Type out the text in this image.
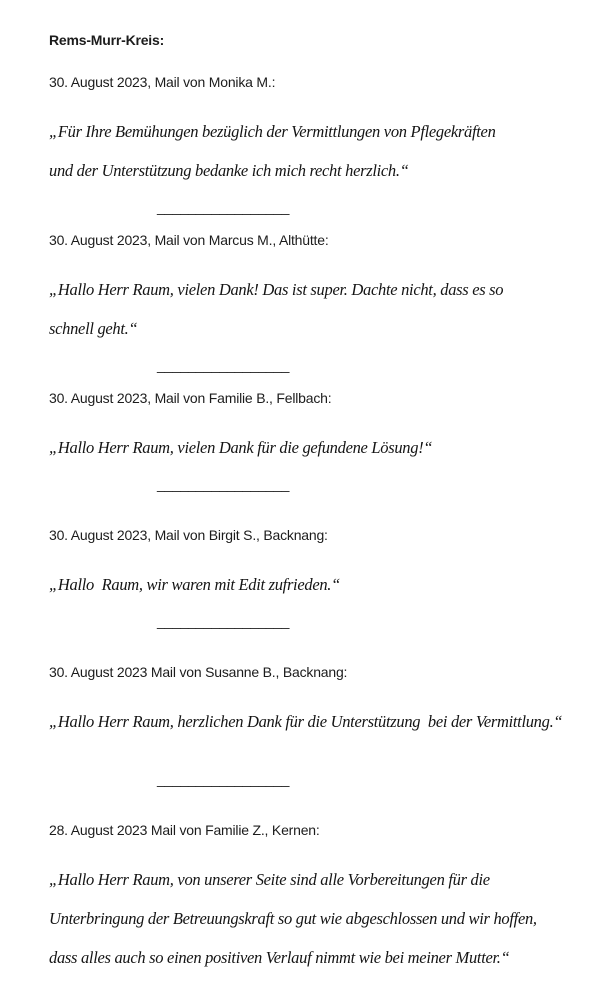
Rems-Murr-Kreis:
30. August 2023, Mail von Monika M.:
„Für Ihre Bemühungen bezüglich der Vermittlungen von Pflegekräften
und der Unterstützung bedanke ich mich recht herzlich.“
_________________
30. August 2023, Mail von Marcus M., Althütte:
„Hallo Herr Raum, vielen Dank! Das ist super. Dachte nicht, dass es so
schnell geht.“
_________________
30. August 2023, Mail von Familie B., Fellbach:
„Hallo Herr Raum, vielen Dank für die gefundene Lösung!“
_________________
30. August 2023, Mail von Birgit S., Backnang:
„Hallo  Raum, wir waren mit Edit zufrieden.“
_________________
30. August 2023 Mail von Susanne B., Backnang:
„Hallo Herr Raum, herzlichen Dank für die Unterstützung  bei der Vermittlung.“
_________________
28. August 2023 Mail von Familie Z., Kernen:
„Hallo Herr Raum, von unserer Seite sind alle Vorbereitungen für die
Unterbringung der Betreuungskraft so gut wie abgeschlossen und wir hoffen,
dass alles auch so einen positiven Verlauf nimmt wie bei meiner Mutter.“
